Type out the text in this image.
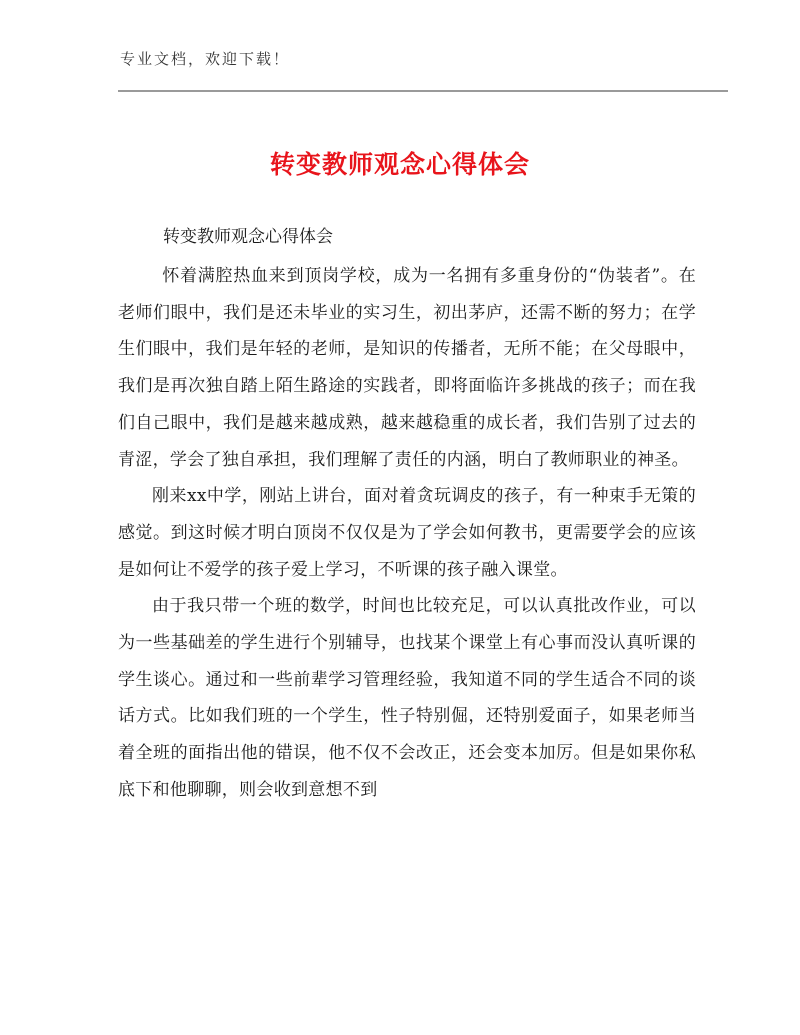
专业文档，欢迎下载！
转变教师观念心得体会
转变教师观念心得体会

怀着满腔热血来到顶岗学校，成为一名拥有多重身份的“伪装者”。在老师们眼中，我们是还未毕业的实习生，初出茅庐，还需不断的努力；在学生们眼中，我们是年轻的老师，是知识的传播者，无所不能；在父母眼中，我们是再次独自踏上陌生路途的实践者，即将面临许多挑战的孩子；而在我们自己眼中，我们是越来越成熟，越来越稳重的成长者，我们告别了过去的青涩，学会了独自承担，我们理解了责任的内涵，明白了教师职业的神圣。

刚来xx中学，刚站上讲台，面对着贪玩调皮的孩子，有一种束手无策的感觉。到这时候才明白顶岗不仅仅是为了学会如何教书，更需要学会的应该是如何让不爱学的孩子爱上学习，不听课的孩子融入课堂。

由于我只带一个班的数学，时间也比较充足，可以认真批改作业，可以为一些基础差的学生进行个别辅导，也找某个课堂上有心事而没认真听课的学生谈心。通过和一些前辈学习管理经验，我知道不同的学生适合不同的谈话方式。比如我们班的一个学生，性子特别倔，还特别爱面子，如果老师当着全班的面指出他的错误，他不仅不会改正，还会变本加厉。但是如果你私底下和他聊聊，则会收到意想不到
